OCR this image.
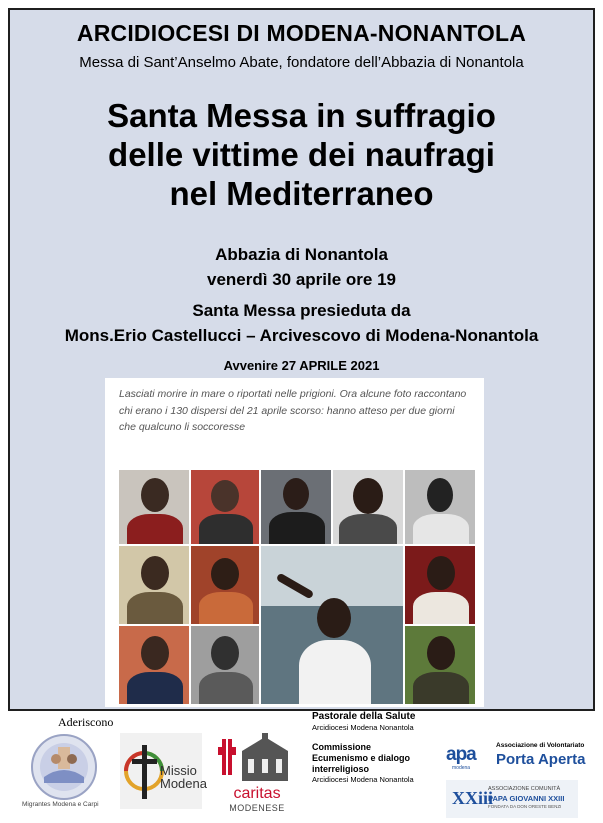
ARCIDIOCESI DI MODENA-NONANTOLA
Messa di Sant’Anselmo Abate, fondatore dell’Abbazia di Nonantola
Santa Messa in suffragio
delle vittime dei naufragi
nel Mediterraneo
Abbazia di Nonantola
venerdì 30 aprile ore 19
Santa Messa presieduta da
Mons.Erio Castellucci – Arcivescovo di Modena-Nonantola
Avvenire 27 APRILE 2021
Lasciati morire in mare o riportati nelle prigioni. Ora alcune foto raccontano chi erano i 130 dispersi del 21 aprile scorso: hanno atteso per due giorni che qualcuno li soccoresse
Aderiscono
Migrantes Modena e Carpi
Missio
Modena
caritas
MODENESE
Pastorale della Salute
Arcidiocesi Modena Nonantola
Commissione
Ecumenismo e dialogo
interreligioso
Arcidiocesi Modena Nonantola
apa
modena
Associazione di Volontariato
Porta Aperta
XXiii
ASSOCIAZIONE COMUNITÀ
PAPA GIOVANNI XXIII
FONDATA DA DON ORESTE BENZI
